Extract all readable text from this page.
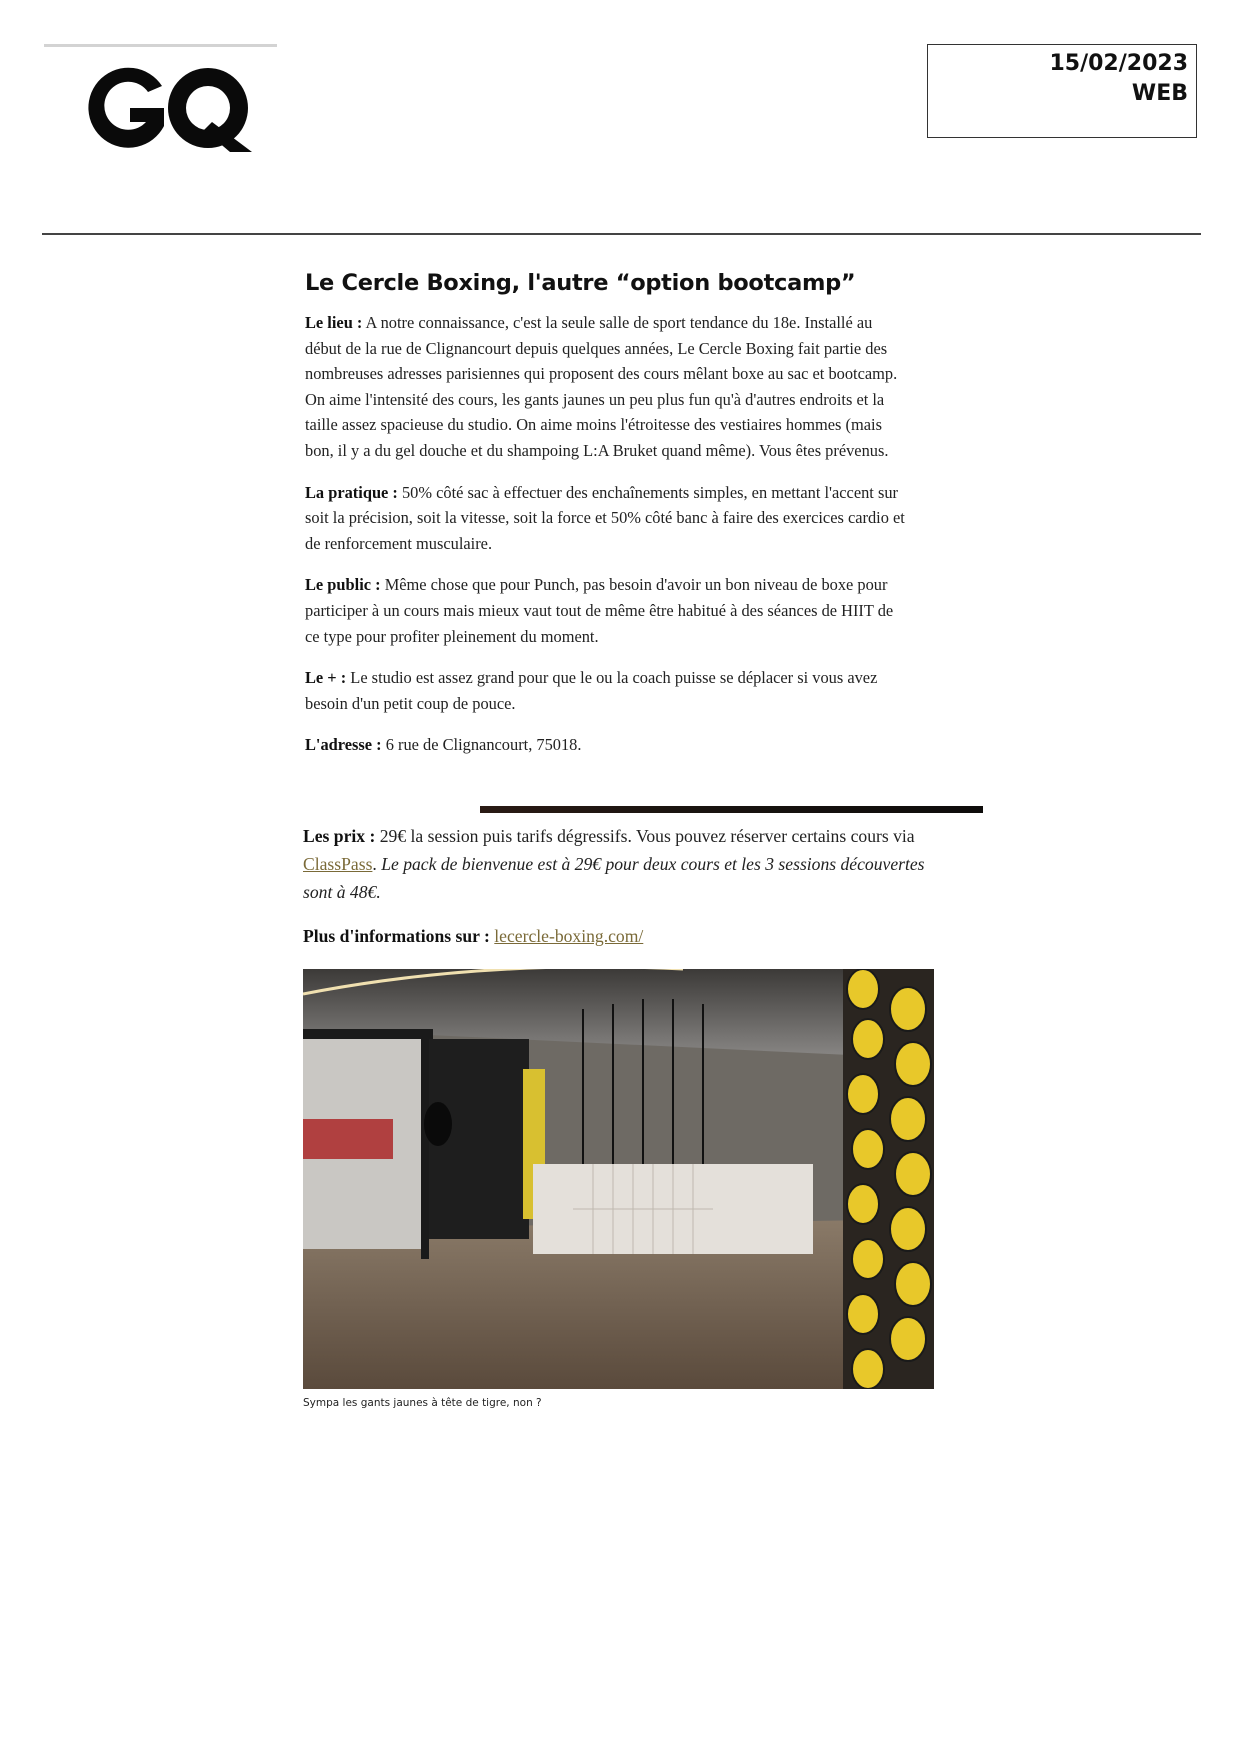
15/02/2023
WEB
Le Cercle Boxing, l'autre “option bootcamp”

Le lieu : A notre connaissance, c'est la seule salle de sport tendance du 18e. Installé au début de la rue de Clignancourt depuis quelques années, Le Cercle Boxing fait partie des nombreuses adresses parisiennes qui proposent des cours mêlant boxe au sac et bootcamp. On aime l'intensité des cours, les gants jaunes un peu plus fun qu'à d'autres endroits et la taille assez spacieuse du studio. On aime moins l'étroitesse des vestiaires hommes (mais bon, il y a du gel douche et du shampoing L:A Bruket quand même). Vous êtes prévenus.

La pratique : 50% côté sac à effectuer des enchaînements simples, en mettant l'accent sur soit la précision, soit la vitesse, soit la force et 50% côté banc à faire des exercices cardio et de renforcement musculaire.

Le public : Même chose que pour Punch, pas besoin d'avoir un bon niveau de boxe pour participer à un cours mais mieux vaut tout de même être habitué à des séances de HIIT de ce type pour profiter pleinement du moment.

Le + : Le studio est assez grand pour que le ou la coach puisse se déplacer si vous avez besoin d'un petit coup de pouce.

L'adresse : 6 rue de Clignancourt, 75018.

Les prix : 29€ la session puis tarifs dégressifs. Vous pouvez réserver certains cours via ClassPass. Le pack de bienvenue est à 29€ pour deux cours et les 3 sessions découvertes sont à 48€.

Plus d'informations sur : lecercle-boxing.com/

Sympa les gants jaunes à tête de tigre, non ?
